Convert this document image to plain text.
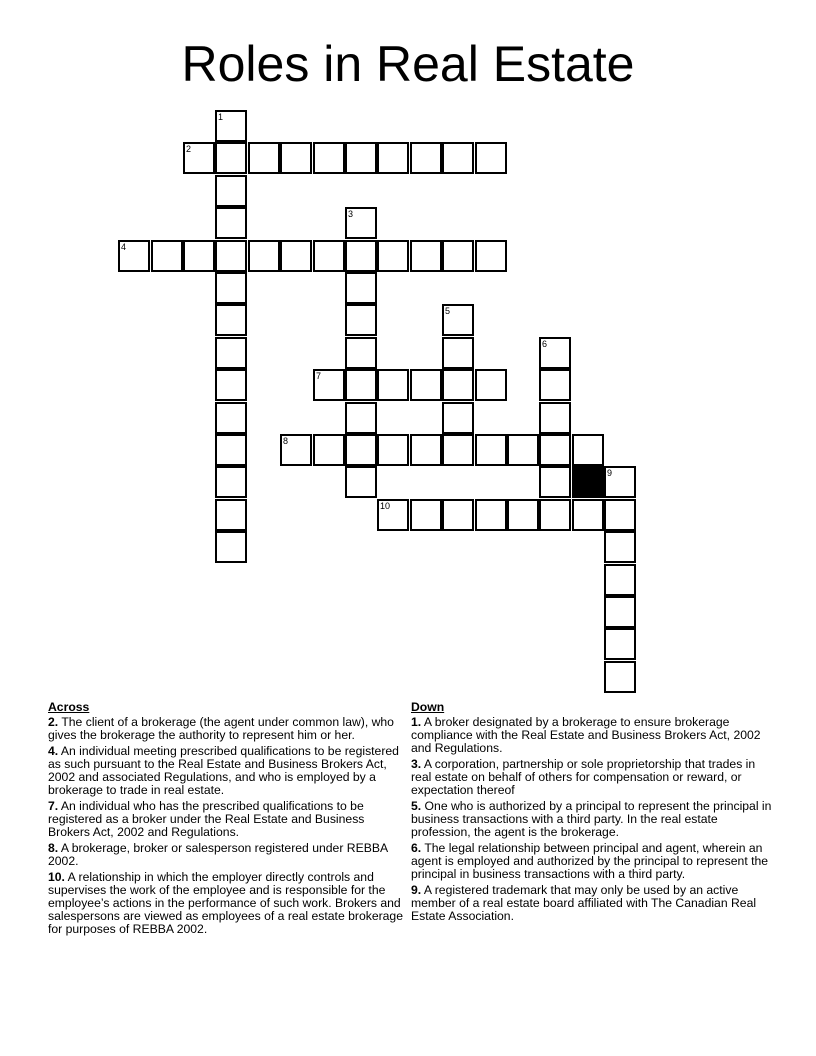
Roles in Real Estate
1
2
3
4
5
6
7
8
9
10
Across
2. The client of a brokerage (the agent under common law), who gives the brokerage the authority to represent him or her.
4. An individual meeting prescribed qualifications to be registered as such pursuant to the Real Estate and Business Brokers Act, 2002 and associated Regulations, and who is employed by a brokerage to trade in real estate.
7. An individual who has the prescribed qualifications to be registered as a broker under the Real Estate and Business Brokers Act, 2002 and Regulations.
8. A brokerage, broker or salesperson registered under REBBA 2002.
10. A relationship in which the employer directly controls and supervises the work of the employee and is responsible for the employee’s actions in the performance of such work. Brokers and salespersons are viewed as employees of a real estate brokerage for purposes of REBBA 2002.
Down
1. A broker designated by a brokerage to ensure brokerage compliance with the Real Estate and Business Brokers Act, 2002 and Regulations.
3. A corporation, partnership or sole proprietorship that trades in real estate on behalf of others for compensation or reward, or expectation thereof
5. One who is authorized by a principal to represent the principal in business transactions with a third party. In the real estate profession, the agent is the brokerage.
6. The legal relationship between principal and agent, wherein an agent is employed and authorized by the principal to represent the principal in business transactions with a third party.
9. A registered trademark that may only be used by an active member of a real estate board affiliated with The Canadian Real Estate Association.
